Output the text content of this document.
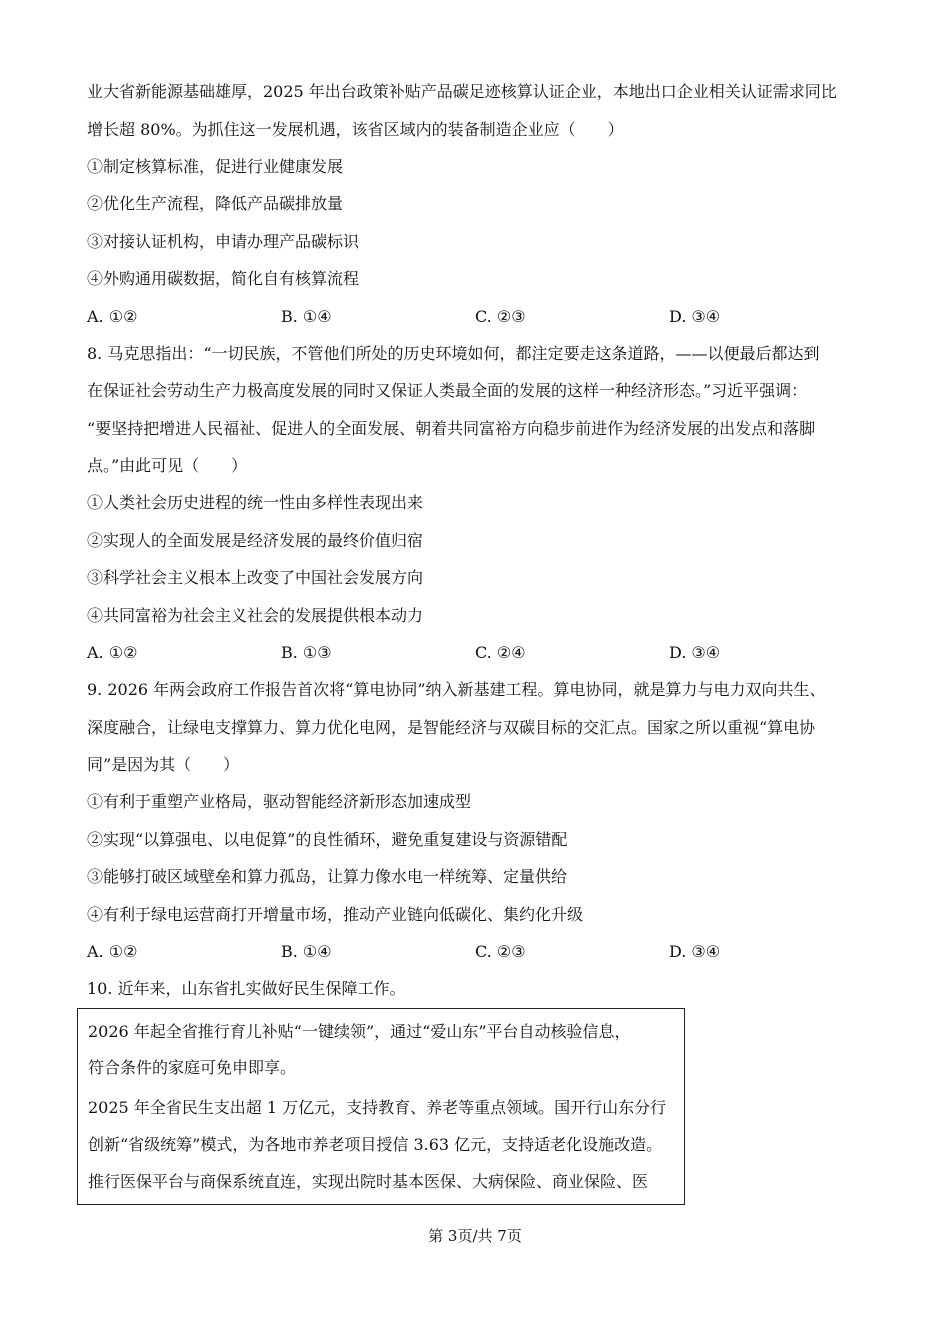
业大省新能源基础雄厚，2025 年出台政策补贴产品碳足迹核算认证企业，本地出口企业相关认证需求同比
增长超 80%。为抓住这一发展机遇，该省区域内的装备制造企业应（　　）
①制定核算标准，促进行业健康发展
②优化生产流程，降低产品碳排放量
③对接认证机构，申请办理产品碳标识
④外购通用碳数据，简化自有核算流程
A. ①②	B. ①④	C. ②③	D. ③④
8. 马克思指出：“一切民族，不管他们所处的历史环境如何，都注定要走这条道路，——以便最后都达到
在保证社会劳动生产力极高度发展的同时又保证人类最全面的发展的这样一种经济形态。”习近平强调：
“要坚持把增进人民福祉、促进人的全面发展、朝着共同富裕方向稳步前进作为经济发展的出发点和落脚
点。”由此可见（　　）
①人类社会历史进程的统一性由多样性表现出来
②实现人的全面发展是经济发展的最终价值归宿
③科学社会主义根本上改变了中国社会发展方向
④共同富裕为社会主义社会的发展提供根本动力
A. ①②	B. ①③	C. ②④	D. ③④
9. 2026 年两会政府工作报告首次将“算电协同”纳入新基建工程。算电协同，就是算力与电力双向共生、
深度融合，让绿电支撑算力、算力优化电网，是智能经济与双碳目标的交汇点。国家之所以重视“算电协
同”是因为其（　　）
①有利于重塑产业格局，驱动智能经济新形态加速成型
②实现“以算强电、以电促算”的良性循环，避免重复建设与资源错配
③能够打破区域壁垒和算力孤岛，让算力像水电一样统筹、定量供给
④有利于绿电运营商打开增量市场，推动产业链向低碳化、集约化升级
A. ①②	B. ①④	C. ②③	D. ③④
10. 近年来，山东省扎实做好民生保障工作。
2026 年起全省推行育儿补贴“一键续领”，通过“爱山东”平台自动核验信息，
符合条件的家庭可免申即享。
2025 年全省民生支出超 1 万亿元，支持教育、养老等重点领域。国开行山东分行
创新“省级统筹”模式，为各地市养老项目授信 3.63 亿元，支持适老化设施改造。
推行医保平台与商保系统直连，实现出院时基本医保、大病保险、商业保险、医
第 3页/共 7页
